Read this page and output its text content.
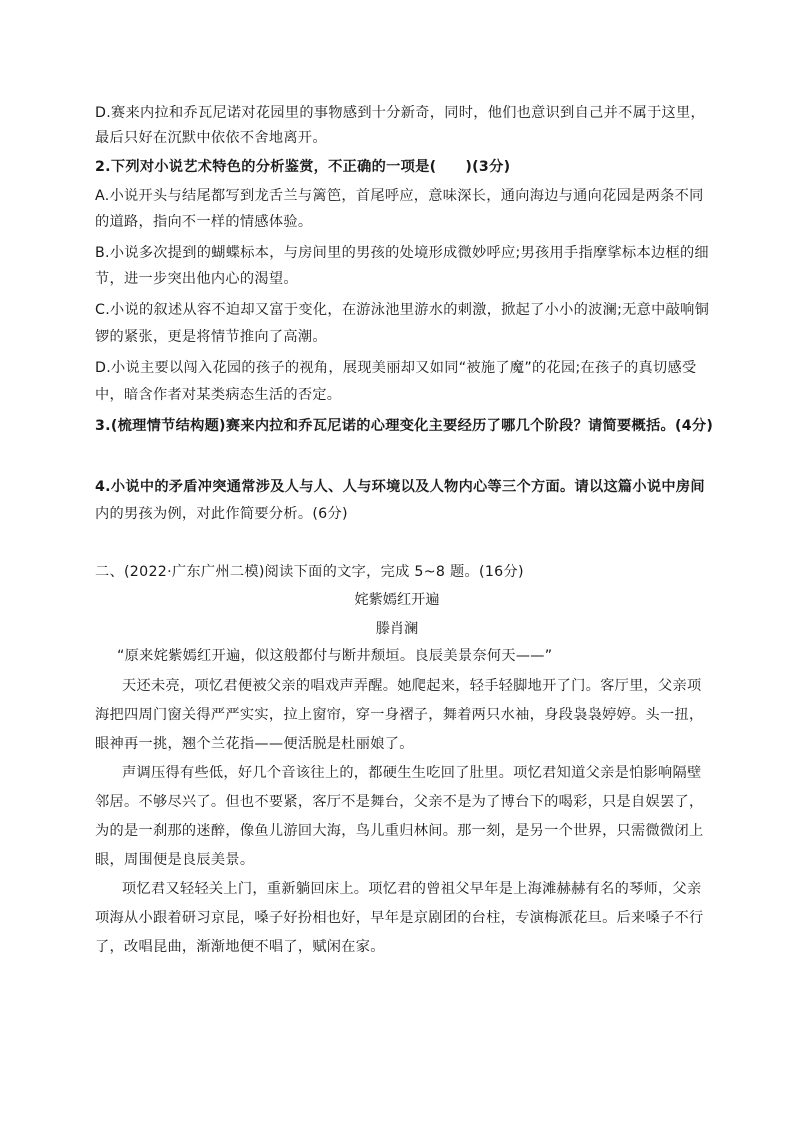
D.赛来内拉和乔瓦尼诺对花园里的事物感到十分新奇，同时，他们也意识到自己并不属于这里，
最后只好在沉默中依依不舍地离开。
2.下列对小说艺术特色的分析鉴赏，不正确的一项是(　　)(3分)
A.小说开头与结尾都写到龙舌兰与篱笆，首尾呼应，意味深长，通向海边与通向花园是两条不同
的道路，指向不一样的情感体验。
B.小说多次提到的蝴蝶标本，与房间里的男孩的处境形成微妙呼应;男孩用手指摩挲标本边框的细
节，进一步突出他内心的渴望。
C.小说的叙述从容不迫却又富于变化，在游泳池里游水的刺激，掀起了小小的波澜;无意中敲响铜
锣的紧张，更是将情节推向了高潮。
D.小说主要以闯入花园的孩子的视角，展现美丽却又如同“被施了魔”的花园;在孩子的真切感受
中，暗含作者对某类病态生活的否定。
3.(梳理情节结构题)赛来内拉和乔瓦尼诺的心理变化主要经历了哪几个阶段？请简要概括。(4分)
4.小说中的矛盾冲突通常涉及人与人、人与环境以及人物内心等三个方面。请以这篇小说中房间
内的男孩为例，对此作简要分析。(6分)
二、(2022·广东广州二模)阅读下面的文字，完成 5~8 题。(16分)
姹紫嫣红开遍
滕肖澜
“原来姹紫嫣红开遍，似这般都付与断井颓垣。良辰美景奈何天——”
天还未亮，项忆君便被父亲的唱戏声弄醒。她爬起来，轻手轻脚地开了门。客厅里，父亲项
海把四周门窗关得严严实实，拉上窗帘，穿一身褶子，舞着两只水袖，身段袅袅婷婷。头一扭，
眼神再一挑，翘个兰花指——便活脱是杜丽娘了。
声调压得有些低，好几个音该往上的，都硬生生吃回了肚里。项忆君知道父亲是怕影响隔壁
邻居。不够尽兴了。但也不要紧，客厅不是舞台，父亲不是为了博台下的喝彩，只是自娱罢了，
为的是一刹那的迷醉，像鱼儿游回大海，鸟儿重归林间。那一刻，是另一个世界，只需微微闭上
眼，周围便是良辰美景。
项忆君又轻轻关上门，重新躺回床上。项忆君的曾祖父早年是上海滩赫赫有名的琴师，父亲
项海从小跟着研习京昆，嗓子好扮相也好，早年是京剧团的台柱，专演梅派花旦。后来嗓子不行
了，改唱昆曲，渐渐地便不唱了，赋闲在家。
